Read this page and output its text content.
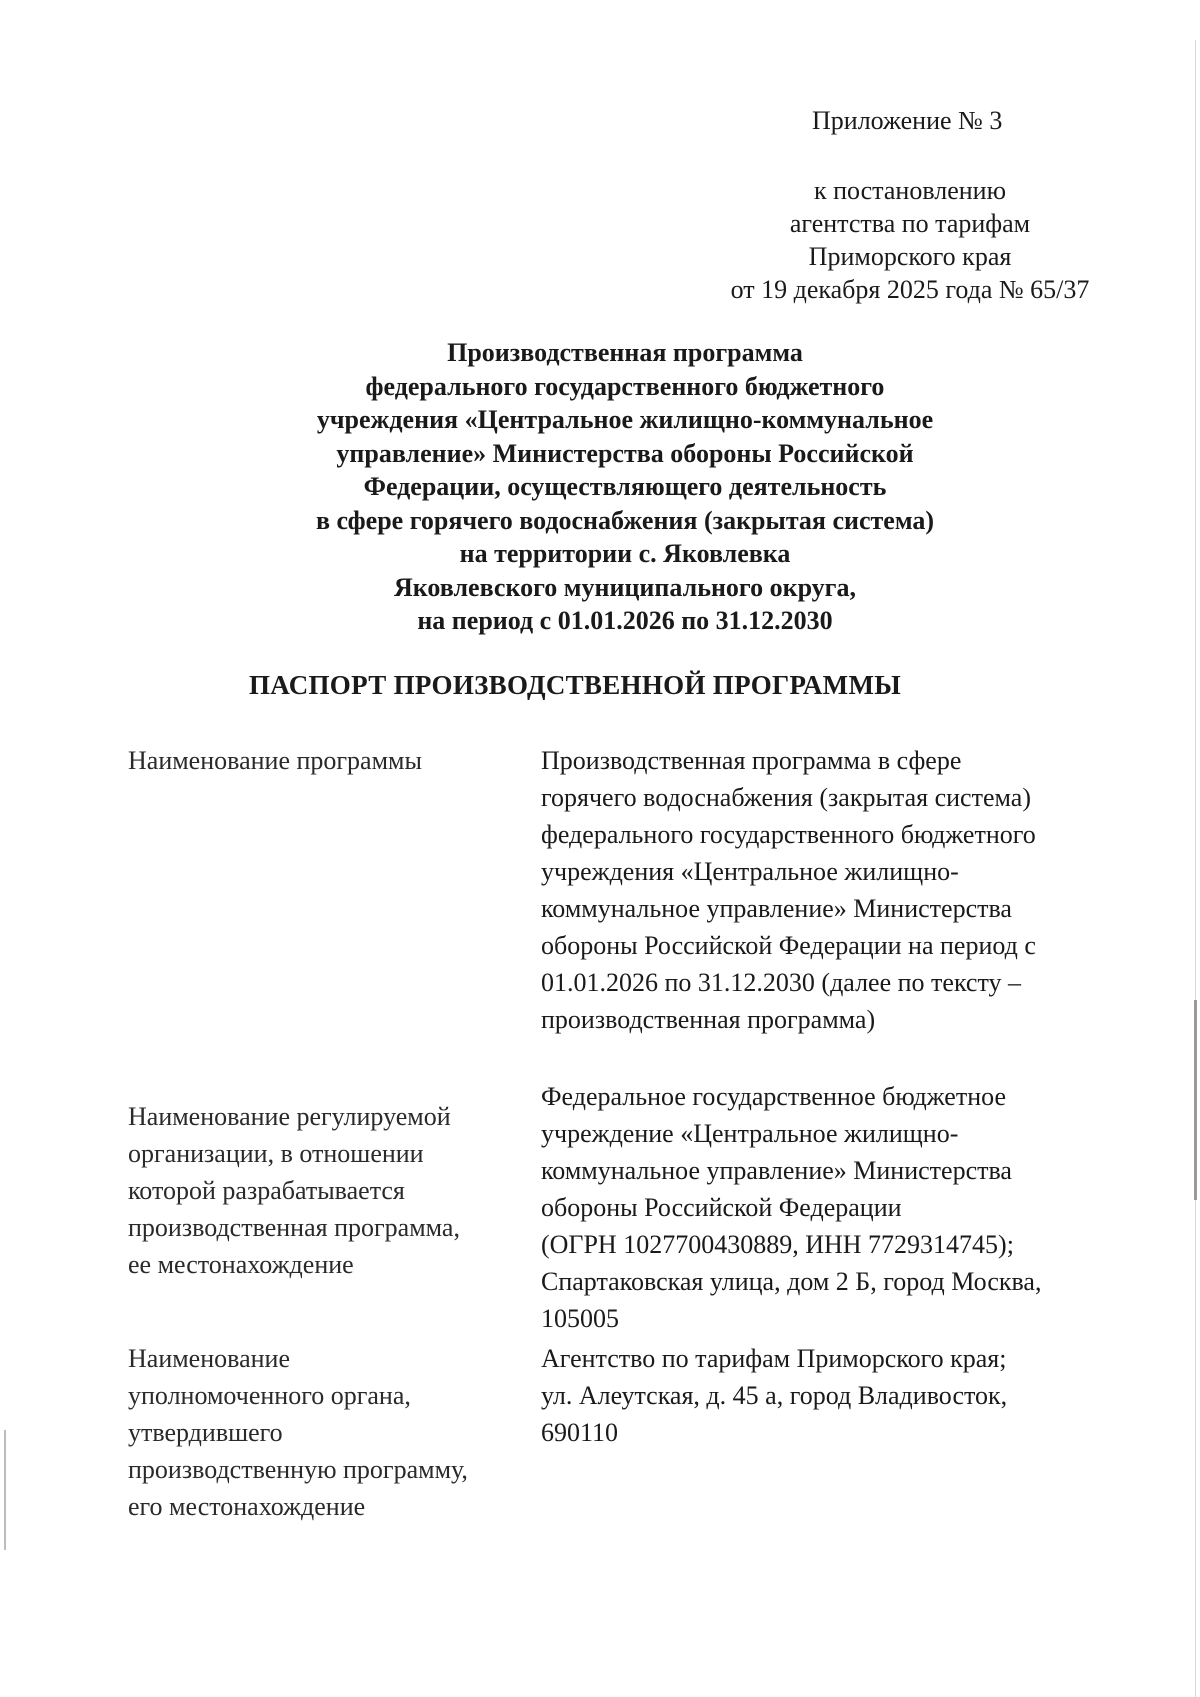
Приложение № 3
к постановлению
агентства по тарифам
Приморского края
от 19 декабря 2025 года № 65/37
Производственная программа
федерального государственного бюджетного
учреждения «Центральное жилищно-коммунальное
управление» Министерства обороны Российской
Федерации, осуществляющего деятельность
в сфере горячего водоснабжения (закрытая система)
на территории с. Яковлевка
Яковлевского муниципального округа,
на период с 01.01.2026 по 31.12.2030
ПАСПОРТ ПРОИЗВОДСТВЕННОЙ ПРОГРАММЫ
Наименование программы	Производственная программа в сфере
горячего водоснабжения (закрытая система)
федерального государственного бюджетного
учреждения «Центральное жилищно-
коммунальное управление» Министерства
обороны Российской Федерации на период с
01.01.2026 по 31.12.2030 (далее по тексту –
производственная программа)
Наименование регулируемой
организации, в отношении
которой разрабатывается
производственная программа,
ее местонахождение
Федеральное государственное бюджетное
учреждение «Центральное жилищно-
коммунальное управление» Министерства
обороны Российской Федерации
(ОГРН 1027700430889, ИНН 7729314745);
Спартаковская улица, дом 2 Б, город Москва,
105005
Наименование
уполномоченного органа,
утвердившего
производственную программу,
его местонахождение
Агентство по тарифам Приморского края;
ул. Алеутская, д. 45 а, город Владивосток,
690110
